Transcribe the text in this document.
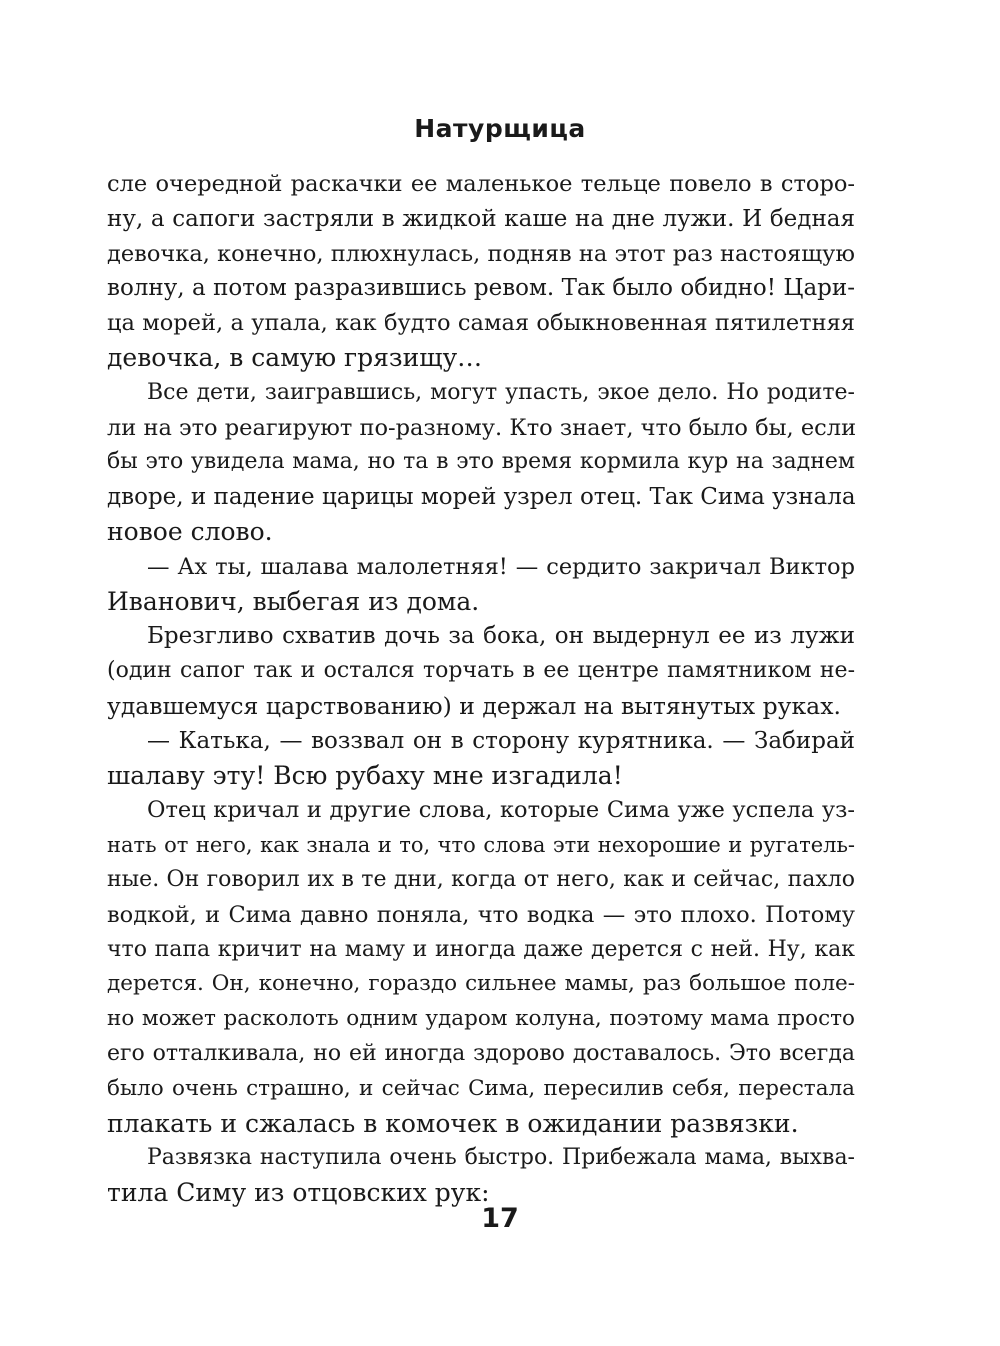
Натурщица
сле очередной раскачки ее маленькое тельце повело в сторо-
ну, а сапоги застряли в жидкой каше на дне лужи. И бедная
девочка, конечно, плюхнулась, подняв на этот раз настоящую
волну, а потом разразившись ревом. Так было обидно! Цари-
ца морей, а упала, как будто самая обыкновенная пятилетняя
девочка, в самую грязищу…
Все дети, заигравшись, могут упасть, экое дело. Но родите-
ли на это реагируют по-разному. Кто знает, что было бы, если
бы это увидела мама, но та в это время кормила кур на заднем
дворе, и падение царицы морей узрел отец. Так Сима узнала
новое слово.
— Ах ты, шалава малолетняя! — сердито закричал Виктор
Иванович, выбегая из дома.
Брезгливо схватив дочь за бока, он выдернул ее из лужи
(один сапог так и остался торчать в ее центре памятником не-
удавшемуся царствованию) и держал на вытянутых руках.
— Катька, — воззвал он в сторону курятника. — Забирай
шалаву эту! Всю рубаху мне изгадила!
Отец кричал и другие слова, которые Сима уже успела уз-
нать от него, как знала и то, что слова эти нехорошие и ругатель-
ные. Он говорил их в те дни, когда от него, как и сейчас, пахло
водкой, и Сима давно поняла, что водка — это плохо. Потому
что папа кричит на маму и иногда даже дерется с ней. Ну, как
дерется. Он, конечно, гораздо сильнее мамы, раз большое поле-
но может расколоть одним ударом колуна, поэтому мама просто
его отталкивала, но ей иногда здорово доставалось. Это всегда
было очень страшно, и сейчас Сима, пересилив себя, перестала
плакать и сжалась в комочек в ожидании развязки.
Развязка наступила очень быстро. Прибежала мама, выхва-
тила Симу из отцовских рук:
17
